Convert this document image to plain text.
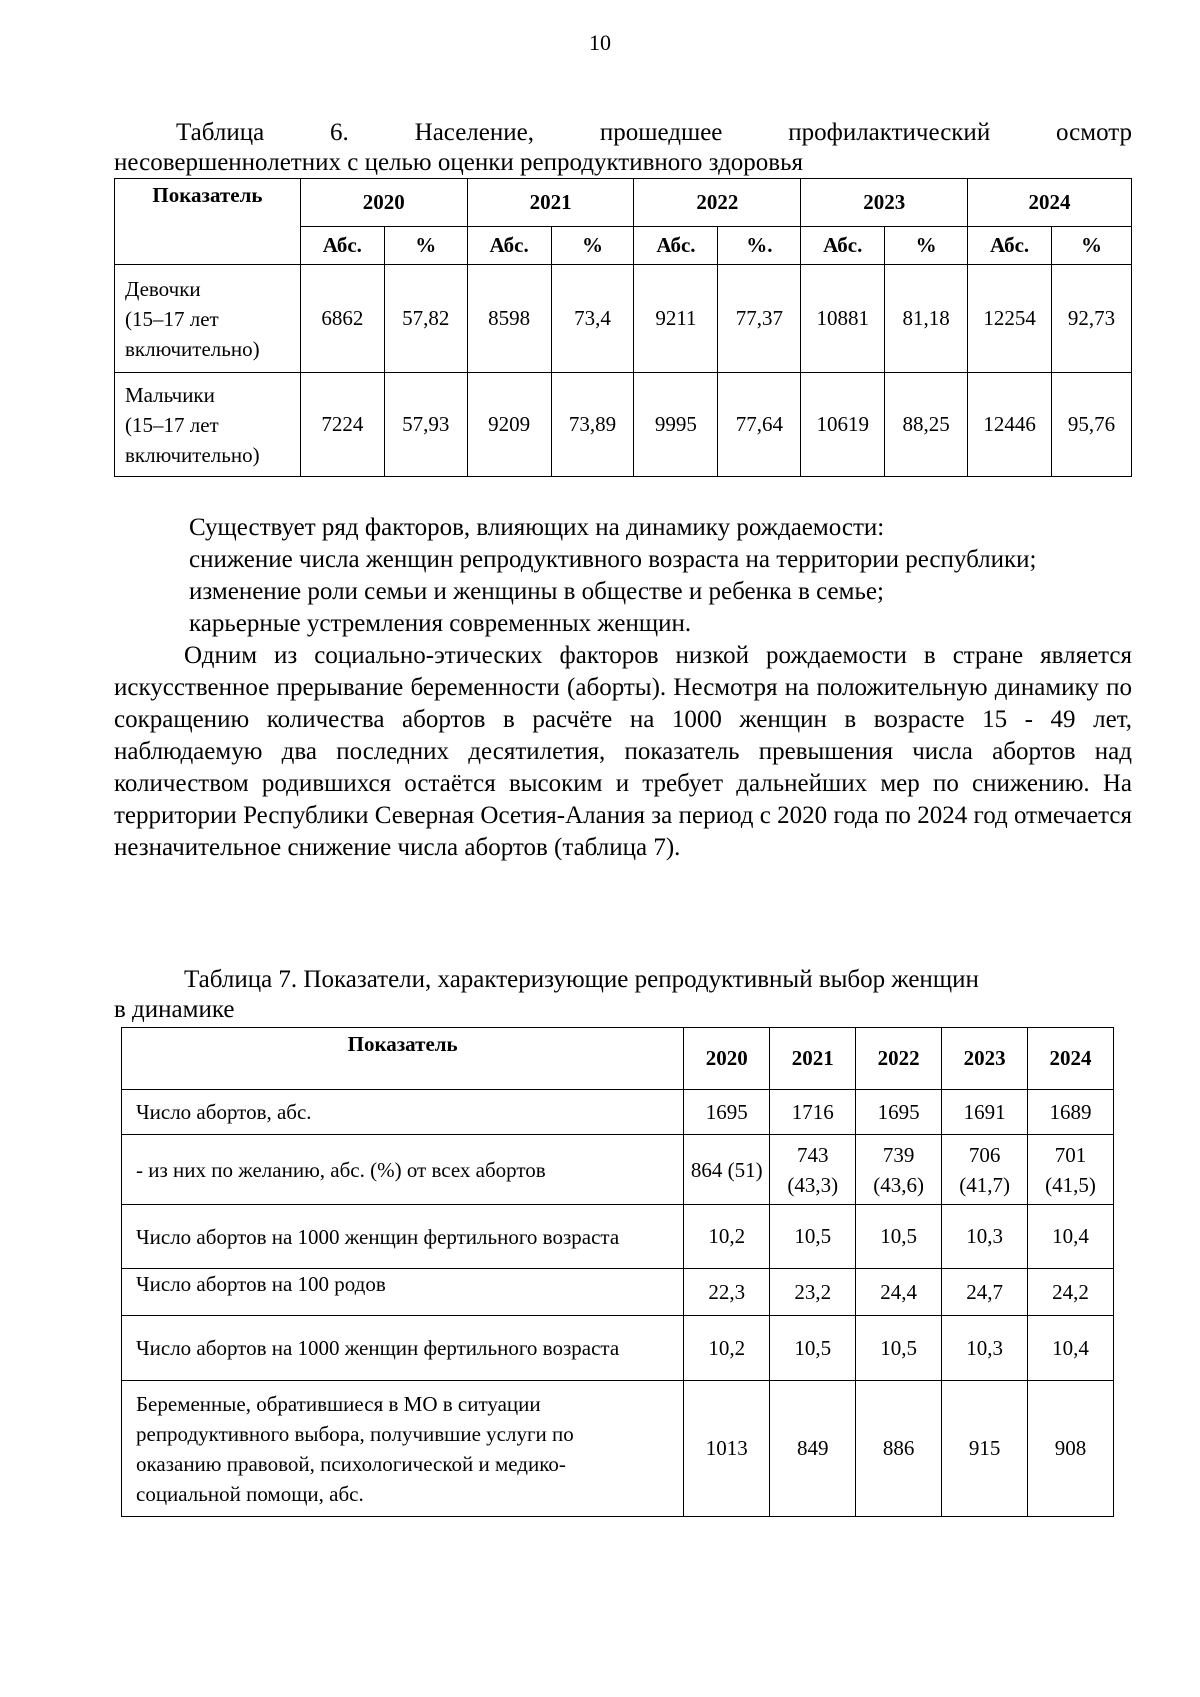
10
Таблица 6. Население, прошедшее профилактический осмотр
несовершеннолетних с целью оценки репродуктивного здоровья
Показатель	2020		2021		2022		2023		2024	
	Абс.	%	Абс.	%	Абс.	%.	Абс.	%	Абс.	%

Девочки
(15–17 лет
включительно)	6862	57,82	8598	73,4	9211	77,37	10881	81,18	12254	92,73

Мальчики
(15–17 лет
включительно)	7224	57,93	9209	73,89	9995	77,64	10619	88,25	12446	95,76
Существует ряд факторов, влияющих на динамику рождаемости:
снижение числа женщин репродуктивного возраста на территории республики;
изменение роли семьи и женщины в обществе и ребенка в семье;
карьерные устремления современных женщин.
Одним из социально-этических факторов низкой рождаемости в стране является искусственное прерывание беременности (аборты). Несмотря на положительную динамику по сокращению количества абортов в расчёте на 1000 женщин в возрасте 15 - 49 лет, наблюдаемую два последних десятилетия, показатель превышения числа абортов над количеством родившихся остаётся высоким и требует дальнейших мер по снижению. На территории Республики Северная Осетия-Алания за период с 2020 года по 2024 год отмечается незначительное снижение числа абортов (таблица 7).
Таблица 7. Показатели, характеризующие репродуктивный выбор женщин
в динамике
Показатель	2020	2021	2022	2023	2024
Число абортов, абс.	1695	1716	1695	1691	1689
- из них по желанию, абс. (%) от всех абортов	864 (51)	743 (43,3)	739 (43,6)	706 (41,7)	701 (41,5)
Число абортов на 1000 женщин фертильного возраста	10,2	10,5	10,5	10,3	10,4
Число абортов на 100 родов	22,3	23,2	24,4	24,7	24,2
Число абортов на 1000 женщин фертильного возраста	10,2	10,5	10,5	10,3	10,4
Беременные, обратившиеся в МО в ситуации репродуктивного выбора, получившие услуги по оказанию правовой, психологической и медико-социальной помощи, абс.	1013	849	886	915	908
